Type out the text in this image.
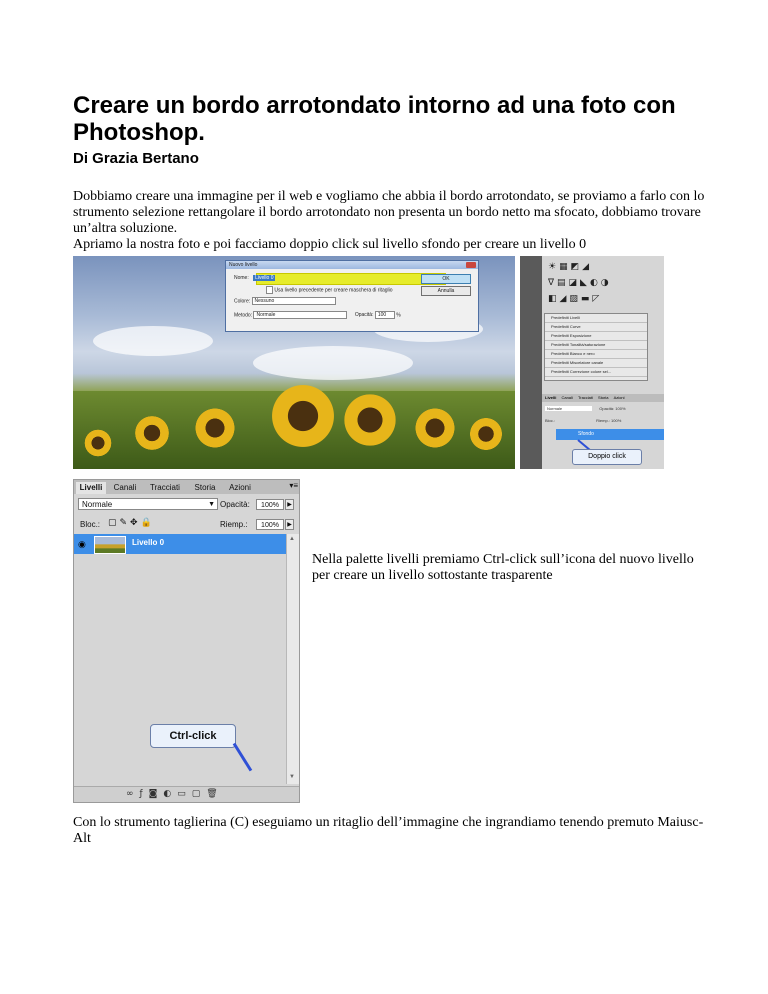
Creare un bordo arrotondato intorno ad una foto con Photoshop.

Di Grazia Bertano

Dobbiamo creare una immagine per il web e vogliamo che abbia il bordo arrotondato, se proviamo a farlo con lo strumento selezione rettangolare il bordo arrotondato non presenta un bordo netto ma sfocato, dobbiamo trovare un’altra soluzione.

Apriamo la nostra foto e poi facciamo doppio click sul livello sfondo per creare un livello 0

Nuovo livello
Nome: Livello 0
Usa livello precedente per creare maschera di ritaglio
Colore: Nessuno
Metodo: Normale	Opacità: 100 %
OK
Annulla
☀▦◩◢
∇▤◪◣◐◑
◧◢▨▬◸
Predefiniti Livelli
Predefiniti Curve
Predefiniti Esposizione
Predefiniti Tonalità/saturazione
Predefiniti Bianco e nero
Predefiniti Miscelatore canale
Predefiniti Correzione colore sel...
Livelli Canali Tracciati Storia Azioni
Normale	Opacità: 100%
Bloc.:	Riemp.: 100%
Sfondo
Doppio click
Livelli	Canali	Tracciati	Storia	Azioni	▾≡
Normale	▼ Opacità:	100%	▶
Bloc.: ▢✎✥🔒	Riemp.:	100%	▶
◉	Livello 0	▲
▼
Ctrl-click
∞ƒ◙◐▭▢🗑

Nella palette livelli premiamo Ctrl-click sull’icona del nuovo livello per creare un livello sottostante trasparente

Con lo strumento taglierina (C) eseguiamo un ritaglio dell’immagine che ingrandiamo tenendo premuto Maiusc-Alt
